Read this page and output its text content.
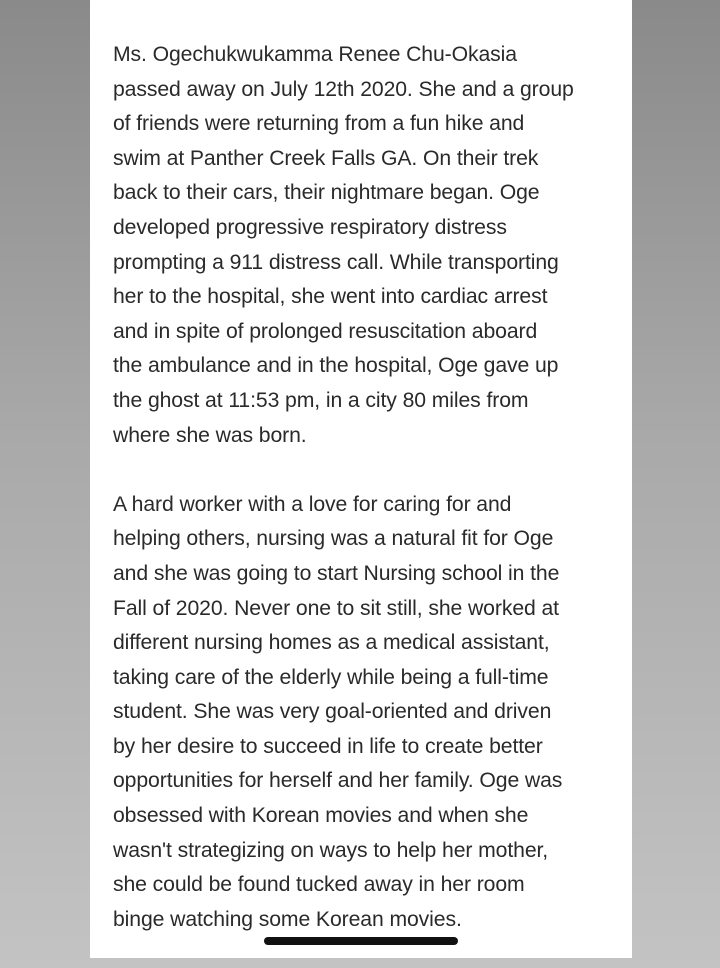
Ms. Ogechukwukamma Renee Chu-Okasia
passed away on July 12th 2020. She and a group
of friends were returning from a fun hike and
swim at Panther Creek Falls GA. On their trek
back to their cars, their nightmare began. Oge
developed progressive respiratory distress
prompting a 911 distress call. While transporting
her to the hospital, she went into cardiac arrest
and in spite of prolonged resuscitation aboard
the ambulance and in the hospital, Oge gave up
the ghost at 11:53 pm, in a city 80 miles from
where she was born.
A hard worker with a love for caring for and
helping others, nursing was a natural fit for Oge
and she was going to start Nursing school in the
Fall of 2020. Never one to sit still, she worked at
different nursing homes as a medical assistant,
taking care of the elderly while being a full-time
student. She was very goal-oriented and driven
by her desire to succeed in life to create better
opportunities for herself and her family. Oge was
obsessed with Korean movies and when she
wasn't strategizing on ways to help her mother,
she could be found tucked away in her room
binge watching some Korean movies.
